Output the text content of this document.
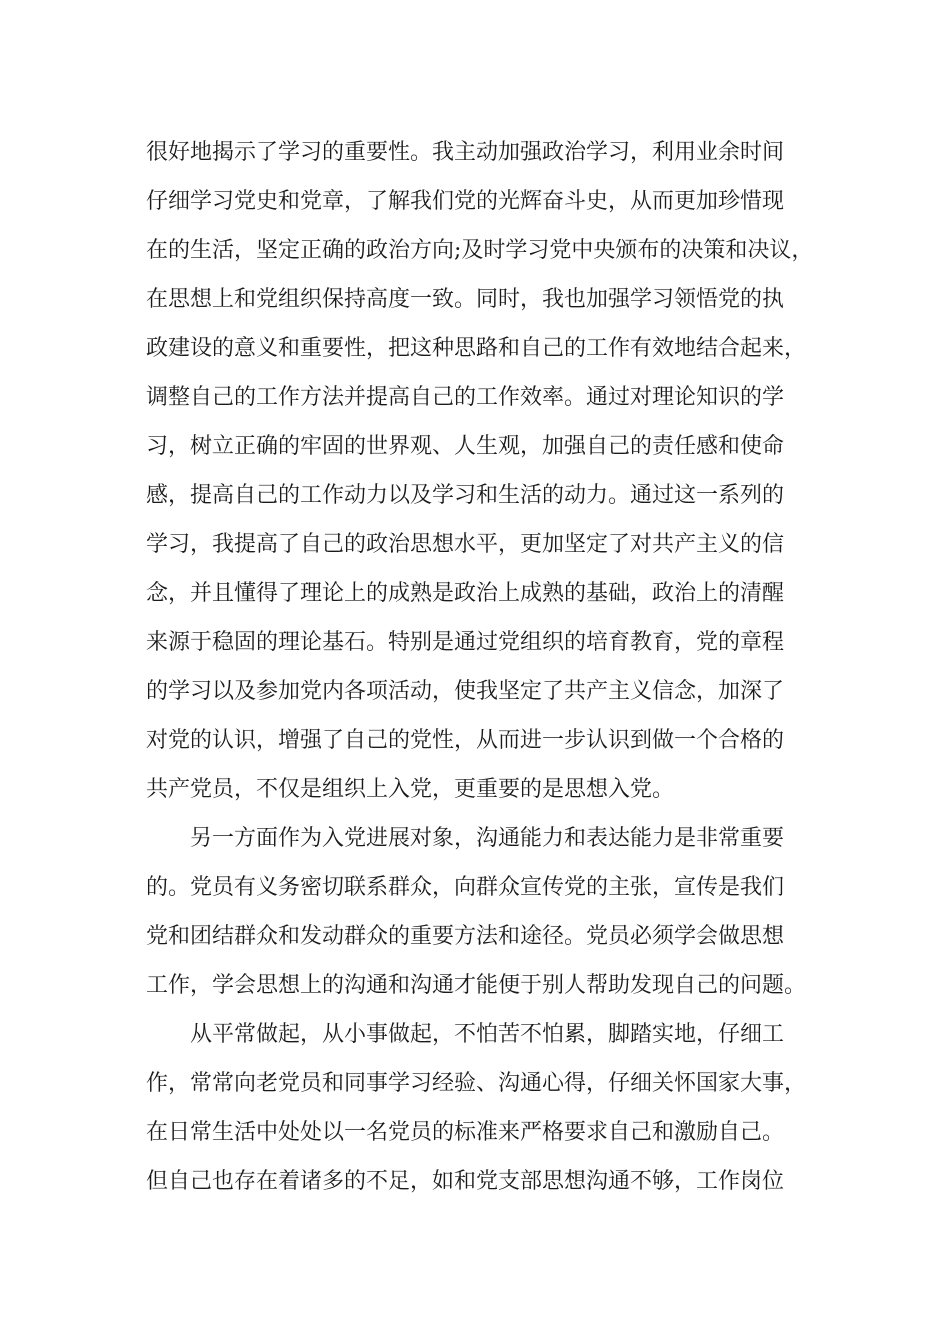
很好地揭示了学习的重要性。我主动加强政治学习，利用业余时间
仔细学习党史和党章，了解我们党的光辉奋斗史，从而更加珍惜现
在的生活，坚定正确的政治方向;及时学习党中央颁布的决策和决议，
在思想上和党组织保持高度一致。同时，我也加强学习领悟党的执
政建设的意义和重要性，把这种思路和自己的工作有效地结合起来，
调整自己的工作方法并提高自己的工作效率。通过对理论知识的学
习，树立正确的牢固的世界观、人生观，加强自己的责任感和使命
感，提高自己的工作动力以及学习和生活的动力。通过这一系列的
学习，我提高了自己的政治思想水平，更加坚定了对共产主义的信
念，并且懂得了理论上的成熟是政治上成熟的基础，政治上的清醒
来源于稳固的理论基石。特别是通过党组织的培育教育，党的章程
的学习以及参加党内各项活动，使我坚定了共产主义信念，加深了
对党的认识，增强了自己的党性，从而进一步认识到做一个合格的
共产党员，不仅是组织上入党，更重要的是思想入党。
另一方面作为入党进展对象，沟通能力和表达能力是非常重要
的。党员有义务密切联系群众，向群众宣传党的主张，宣传是我们
党和团结群众和发动群众的重要方法和途径。党员必须学会做思想
工作，学会思想上的沟通和沟通才能便于别人帮助发现自己的问题。
从平常做起，从小事做起，不怕苦不怕累，脚踏实地，仔细工
作，常常向老党员和同事学习经验、沟通心得，仔细关怀国家大事，
在日常生活中处处以一名党员的标准来严格要求自己和激励自己。
但自己也存在着诸多的不足，如和党支部思想沟通不够，工作岗位
